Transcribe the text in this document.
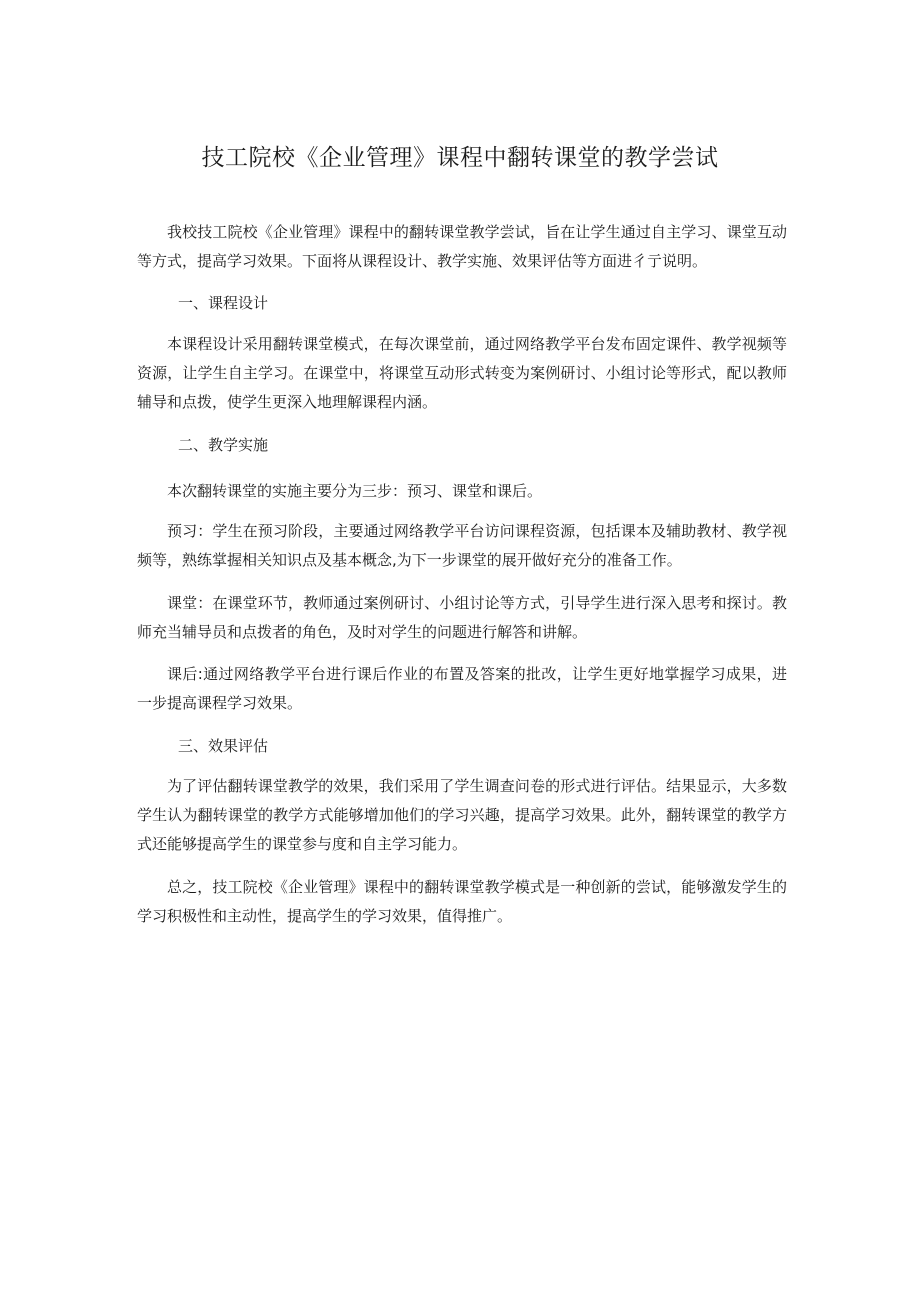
技工院校《企业管理》课程中翻转课堂的教学尝试

我校技工院校《企业管理》课程中的翻转课堂教学尝试，旨在让学生通过自主学习、课堂互动等方式，提高学习效果。下面将从课程设计、教学实施、效果评估等方面进彳亍说明。

一、课程设计

本课程设计采用翻转课堂模式，在每次课堂前，通过网络教学平台发布固定课件、教学视频等资源，让学生自主学习。在课堂中，将课堂互动形式转变为案例研讨、小组讨论等形式，配以教师辅导和点拨，使学生更深入地理解课程内涵。

二、教学实施

本次翻转课堂的实施主要分为三步：预习、课堂和课后。

预习：学生在预习阶段，主要通过网络教学平台访问课程资源，包括课本及辅助教材、教学视频等，熟练掌握相关知识点及基本概念,为下一步课堂的展开做好充分的准备工作。

课堂：在课堂环节，教师通过案例研讨、小组讨论等方式，引导学生进行深入思考和探讨。教师充当辅导员和点拨者的角色，及时对学生的问题进行解答和讲解。

课后:通过网络教学平台进行课后作业的布置及答案的批改，让学生更好地掌握学习成果，进一步提高课程学习效果。

三、效果评估

为了评估翻转课堂教学的效果，我们采用了学生调查问卷的形式进行评估。结果显示，大多数学生认为翻转课堂的教学方式能够增加他们的学习兴趣，提高学习效果。此外，翻转课堂的教学方式还能够提高学生的课堂参与度和自主学习能力。

总之，技工院校《企业管理》课程中的翻转课堂教学模式是一种创新的尝试，能够激发学生的学习积极性和主动性，提高学生的学习效果，值得推广。
